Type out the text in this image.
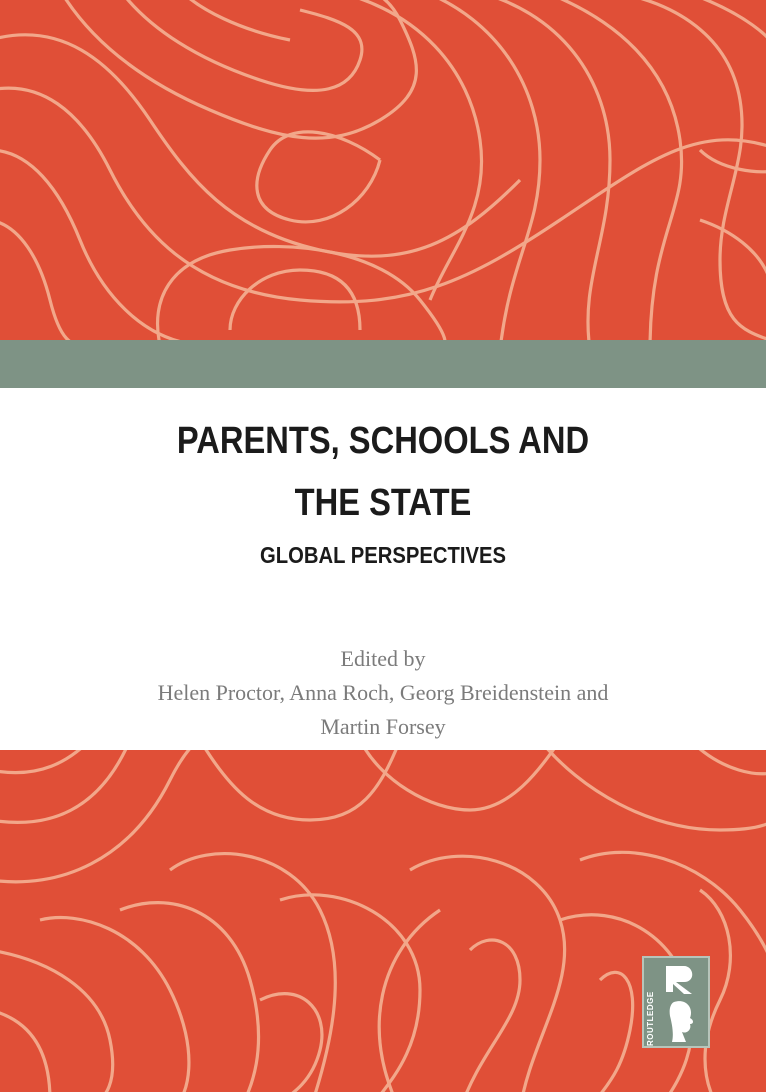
PARENTS, SCHOOLS AND
THE STATE
GLOBAL PERSPECTIVES
Edited by
Helen Proctor, Anna Roch, Georg Breidenstein and
Martin Forsey
ROUTLEDGE
